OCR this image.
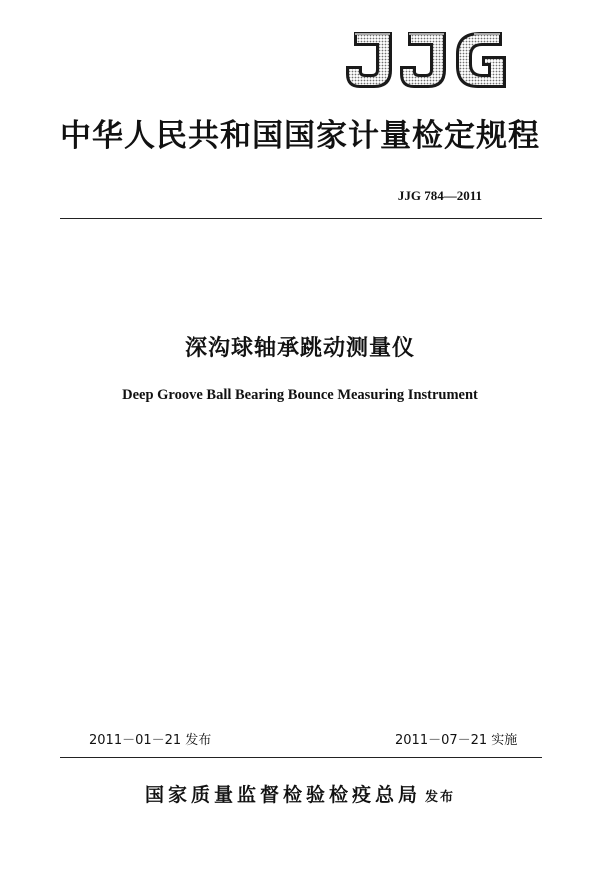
JJG
中华人民共和国国家计量检定规程
JJG 784—2011
深沟球轴承跳动测量仪
Deep Groove Ball Bearing Bounce Measuring Instrument
2011－01－21 发布	2011－07－21 实施
国家质量监督检验检疫总局 发布
